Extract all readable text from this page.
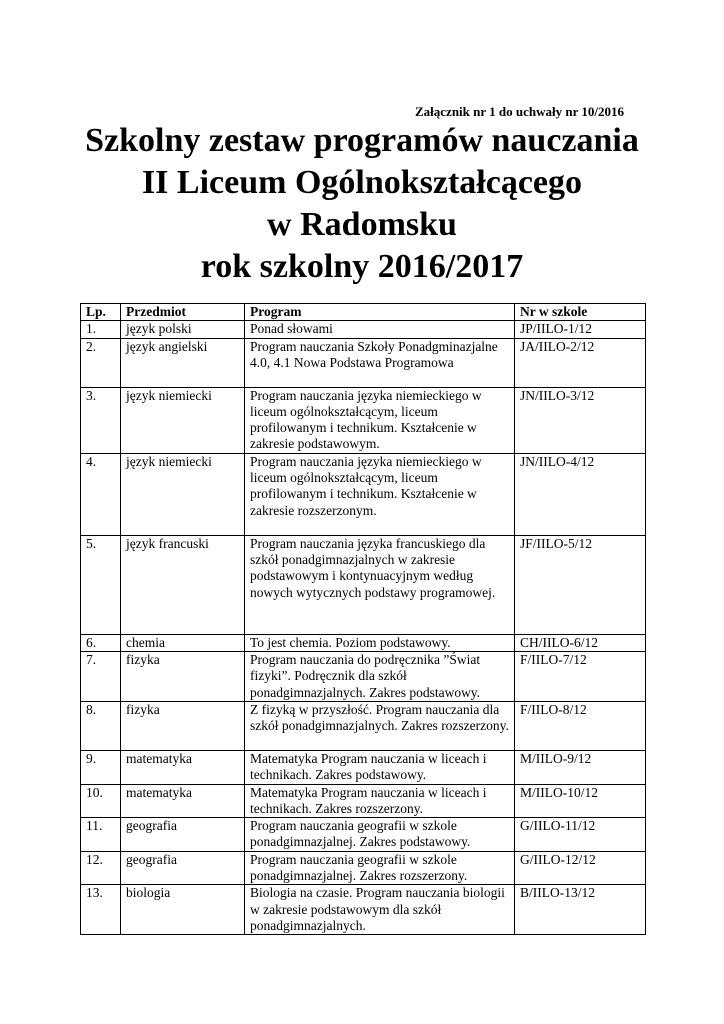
Załącznik nr 1 do uchwały nr 10/2016
Szkolny zestaw programów nauczania
II Liceum Ogólnokształcącego
w Radomsku
rok szkolny 2016/2017
Lp.	Przedmiot	Program	Nr w szkole
1.	język polski	Ponad słowami	JP/IILO-1/12
2.	język angielski	Program nauczania Szkoły Ponadgminazjalne 4.0, 4.1 Nowa Podstawa Programowa	JA/IILO-2/12
3.	język niemiecki	Program nauczania języka niemieckiego w liceum ogólnokształcącym, liceum profilowanym i technikum. Kształcenie w zakresie podstawowym.	JN/IILO-3/12
4.	język niemiecki	Program nauczania języka niemieckiego w liceum ogólnokształcącym, liceum profilowanym i technikum. Kształcenie w zakresie rozszerzonym.	JN/IILO-4/12
5.	język francuski	Program nauczania języka francuskiego dla szkół ponadgimnazjalnych w zakresie podstawowym i kontynuacyjnym według nowych wytycznych podstawy programowej.	JF/IILO-5/12
6.	chemia	To jest chemia. Poziom podstawowy.	CH/IILO-6/12
7.	fizyka	Program nauczania do podręcznika ”Świat fizyki”. Podręcznik dla szkół ponadgimnazjalnych. Zakres podstawowy.	F/IILO-7/12
8.	fizyka	Z fizyką w przyszłość. Program nauczania dla szkół ponadgimnazjalnych. Zakres rozszerzony.	F/IILO-8/12
9.	matematyka	Matematyka Program nauczania w liceach i technikach. Zakres podstawowy.	M/IILO-9/12
10.	matematyka	Matematyka Program nauczania w liceach i technikach. Zakres rozszerzony.	M/IILO-10/12
11.	geografia	Program nauczania geografii w szkole ponadgimnazjalnej. Zakres podstawowy.	G/IILO-11/12
12.	geografia	Program nauczania geografii w szkole ponadgimnazjalnej. Zakres rozszerzony.	G/IILO-12/12
13.	biologia	Biologia na czasie. Program nauczania biologii w zakresie podstawowym dla szkół ponadgimnazjalnych.	B/IILO-13/12
